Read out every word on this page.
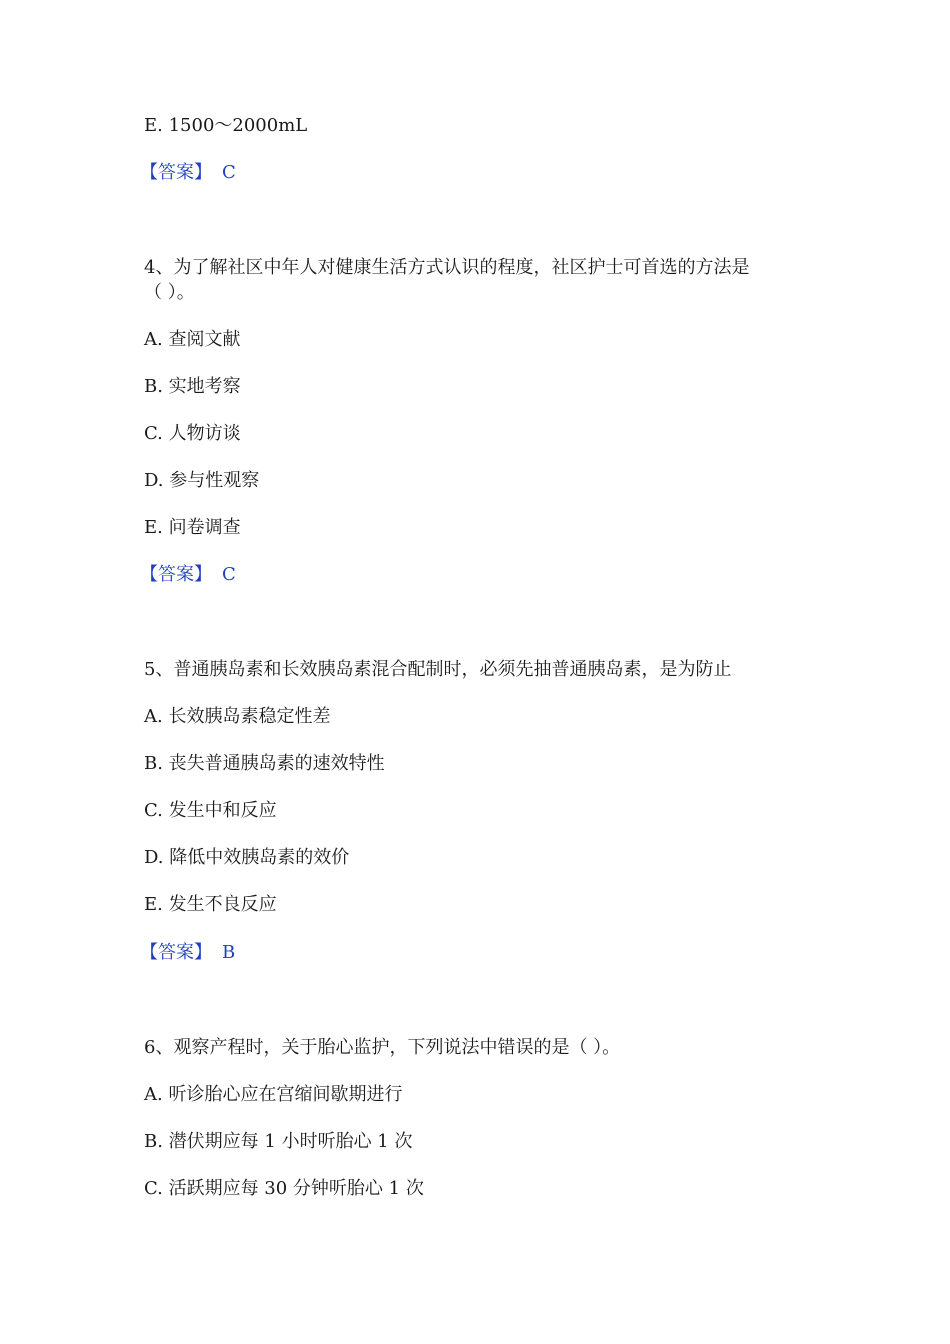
E. 1500～2000mL
【答案】 C
4、为了解社区中年人对健康生活方式认识的程度，社区护士可首选的方法是
（ ）。
A. 查阅文献
B. 实地考察
C. 人物访谈
D. 参与性观察
E. 问卷调查
【答案】 C
5、普通胰岛素和长效胰岛素混合配制时，必须先抽普通胰岛素，是为防止
A. 长效胰岛素稳定性差
B. 丧失普通胰岛素的速效特性
C. 发生中和反应
D. 降低中效胰岛素的效价
E. 发生不良反应
【答案】 B
6、观察产程时，关于胎心监护，下列说法中错误的是（ ）。
A. 听诊胎心应在宫缩间歇期进行
B. 潜伏期应每 1 小时听胎心 1 次
C. 活跃期应每 30 分钟听胎心 1 次
